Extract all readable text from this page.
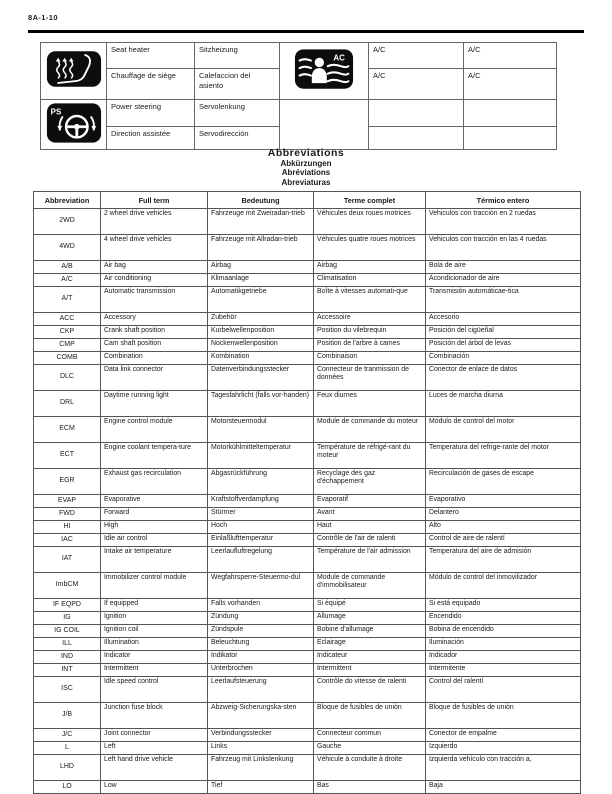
8A-1-10
	Seat heater	Sitzheizung	AC	A/C	A/C
	Chauffage de siège	Calefaccion del asiento		A/C	A/C

PS	Power steering	Servolenkung			
	Direction assistée	Servodirección			
Abbreviations
Abkürzungen
Abréviations
Abreviaturas
Abbreviation	Full term	Bedeutung	Terme complet	Térmico entero
2WD	2 wheel drive vehicles	Fahrzeuge mit Zweiradan-trieb	Véhicules deux roues motrices	Vehiculos con tracción en 2 ruedas
4WD	4 wheel drive vehicles	Fahrzeuge mit Allradan-trieb	Véhicules quatre roues motrices	Vehiculos con tracción en las 4 ruedas
A/B	Air bag	Airbag	Airbag	Bola de aire
A/C	Air conditioning	Klimaanlage	Climatisation	Acondicionador de aire
A/T	Automatic transmission	Automatikgetriebe	Boîte à vitesses automati-que	Transmisión automáticae-tica
ACC	Accessory	Zubehör	Accessoire	Accesorio
CKP	Crank shaft position	Kurbelwellenposition	Position du vilebrequin	Posición del cigüeñal
CMP	Cam shaft position	Nockenwellenposition	Position de l'arbre à cames	Posición del árbol de levas
COMB	Combination	Kombination	Combinaison	Combinación
DLC	Data link connector	Datenverbindungsstecker	Connecteur de tranmission de données	Conector de enlace de datos
DRL	Daytime running light	Tagesfahrlicht (falls vor-handen)	Feux diurnes	Luces de marcha diurna
ECM	Engine control module	Motorsteuermodul	Module de commande du moteur	Módulo de control del motor
ECT	Engine coolant tempera-ture	Motorkühlmitteltemperatur	Température de réfrigé-rant du moteur	Temperatura del refrige-rante del motor
EGR	Exhaust gas recirculation	Abgasrückführung	Recyclage des gaz d'échappement	Recirculación de gases de escape
EVAP	Evaporative	Kraftstoffverdampfung	Evaporatif	Evaporativo
FWD	Forward	Stürmer	Avant	Delantero
HI	High	Hoch	Haut	Alto
IAC	Idle air control	Einlaßlufttemperatur	Contrôle de l'air de ralenti	Control de aire de ralentí
IAT	Intake air temperature	Leerlaufluftregelung	Température de l'air admission	Temperatura del aire de admisión
ImbCM	Immobilizer control module	Wegfahrsperre-Steuermo-dul	Module de commande d'immobilisateur	Módulo de control del inmovilizador
IF EQPD	If equipped	Falls vorhanden	Si équipé	Si está equipado
IG	Ignition	Zündung	Allumage	Encendido
IG COIL	Ignition coil	Zündspule	Bobine d'allumage	Bobina de encendido
ILL	Illumination	Beleuchtung	Eclairage	Iluminación
IND	Indicator	Indikator	Indicateur	Indicador
INT	Intermittent	Unterbrochen	Intermittent	Intermitente
ISC	Idle speed control	Leerlaufsteuerung	Contrôle do vitesse de ralenti	Control del ralentí
J/B	Junction fuse block	Abzweig-Sicherungska-sten	Bloque de fusibles de unión	Bloque de fusibles de unión
J/C	Joint connector	Verbindungsstecker	Connecteur commun	Conector de empalme
L	Left	Links	Gauche	Izquierdo
LHD	Left hand drive vehicle	Fahrzeug mit Linkslenkung	Véhicule à conduite à droite	Izquierda vehículo con tracción a,
LO	Low	Tief	Bas	Baja
